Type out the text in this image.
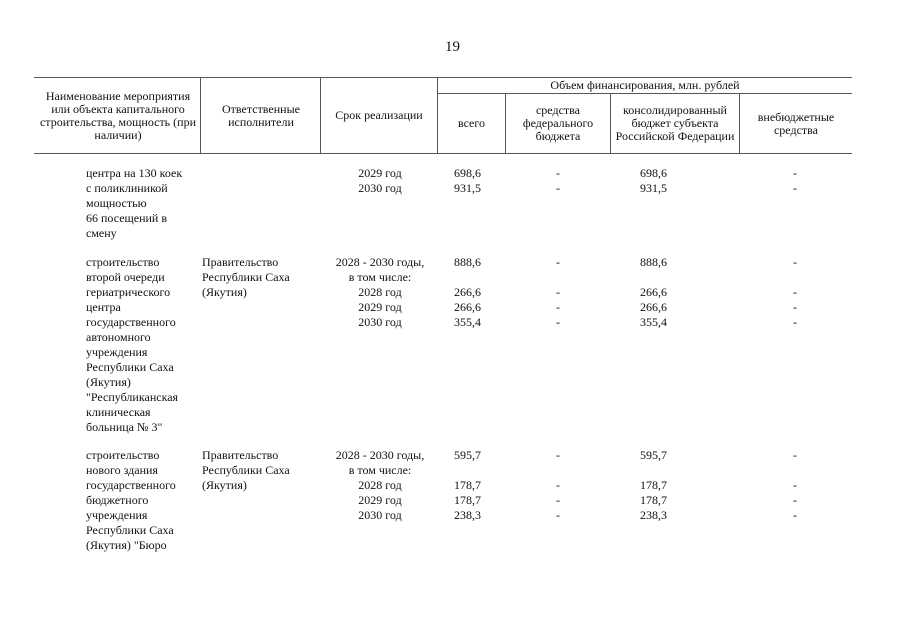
19
Наименование мероприятия или объекта капитального строительства, мощность (при наличии)
Ответственные исполнители	Срок реализации
Объем финансирования, млн. рублей
всего
средства федерального бюджета
консолидированный бюджет субъекта Российской Федерации
внебюджетные средства
центра на 130 коек
с поликлиникой
мощностью
66 посещений в
смену
2029 год
2030 год
698,6
931,5
-
-
698,6
931,5
-
-
строительство
второй очереди
гериатрического
центра
государственного
автономного
учреждения
Республики Саха
(Якутия)
"Республиканская
клиническая
больница № 3"
Правительство
Республики Саха
(Якутия)
2028 - 2030 годы,
в том числе:
2028 год
2029 год
2030 год
888,6

266,6
266,6
355,4
-

-
-
-
888,6

266,6
266,6
355,4
-

-
-
-
строительство
нового здания
государственного
бюджетного
учреждения
Республики Саха
(Якутия) "Бюро
Правительство
Республики Саха
(Якутия)
2028 - 2030 годы,
в том числе:
2028 год
2029 год
2030 год
595,7

178,7
178,7
238,3
-

-
-
-
595,7

178,7
178,7
238,3
-

-
-
-
